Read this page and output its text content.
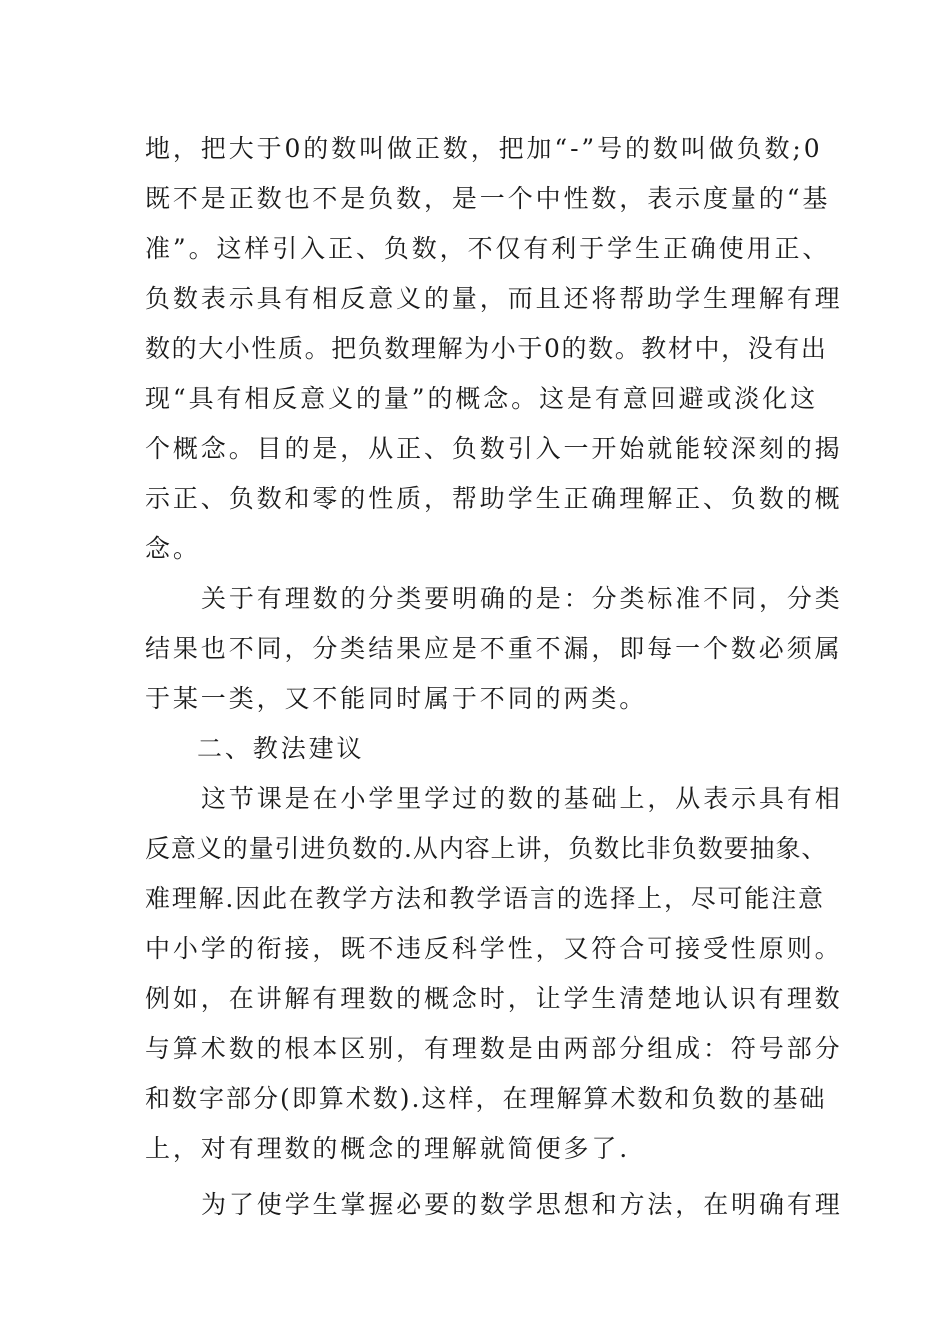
地，把大于0的数叫做正数，把加“-”号的数叫做负数;0
既不是正数也不是负数，是一个中性数，表示度量的“基
准”。这样引入正、负数，不仅有利于学生正确使用正、
负数表示具有相反意义的量，而且还将帮助学生理解有理
数的大小性质。把负数理解为小于0的数。教材中，没有出
现“具有相反意义的量”的概念。这是有意回避或淡化这
个概念。目的是，从正、负数引入一开始就能较深刻的揭
示正、负数和零的性质，帮助学生正确理解正、负数的概
念。
关于有理数的分类要明确的是：分类标准不同，分类
结果也不同，分类结果应是不重不漏，即每一个数必须属
于某一类，又不能同时属于不同的两类。
二、教法建议
这节课是在小学里学过的数的基础上，从表示具有相
反意义的量引进负数的.从内容上讲，负数比非负数要抽象、
难理解.因此在教学方法和教学语言的选择上，尽可能注意
中小学的衔接，既不违反科学性，又符合可接受性原则。
例如，在讲解有理数的概念时，让学生清楚地认识有理数
与算术数的根本区别，有理数是由两部分组成：符号部分
和数字部分(即算术数).这样，在理解算术数和负数的基础
上，对有理数的概念的理解就简便多了.
为了使学生掌握必要的数学思想和方法，在明确有理
